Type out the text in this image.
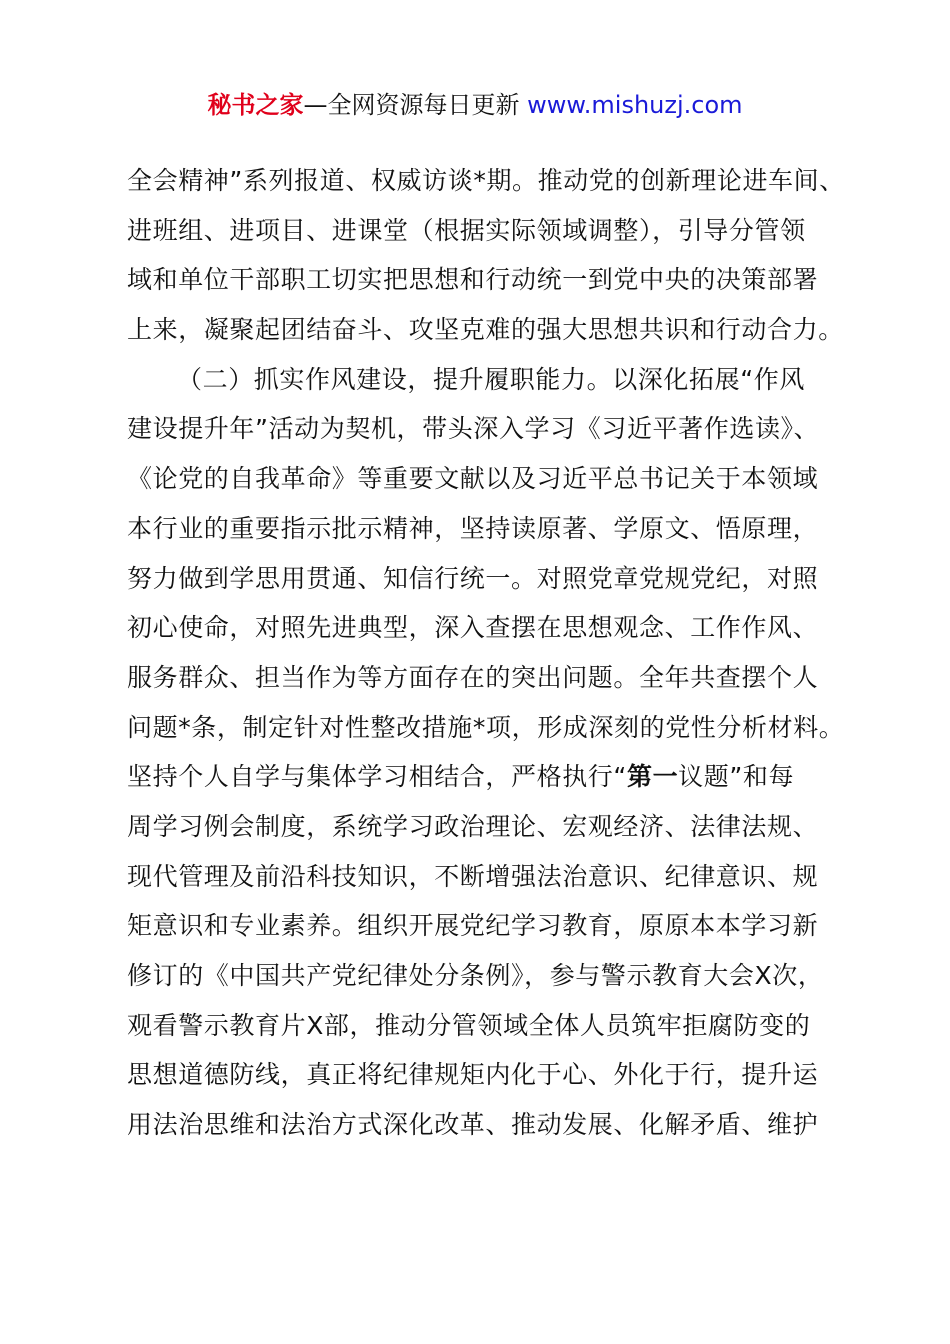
秘书之家—全网资源每日更新 www.mishuzj.com
全会精神”系列报道、权威访谈*期。推动党的创新理论进车间、
进班组、进项目、进课堂（根据实际领域调整），引导分管领
域和单位干部职工切实把思想和行动统一到党中央的决策部署
上来，凝聚起团结奋斗、攻坚克难的强大思想共识和行动合力。
（二）抓实作风建设，提升履职能力。以深化拓展“作风
建设提升年”活动为契机，带头深入学习《习近平著作选读》、
《论党的自我革命》等重要文献以及习近平总书记关于本领域
本行业的重要指示批示精神，坚持读原著、学原文、悟原理，
努力做到学思用贯通、知信行统一。对照党章党规党纪，对照
初心使命，对照先进典型，深入查摆在思想观念、工作作风、
服务群众、担当作为等方面存在的突出问题。全年共查摆个人
问题*条，制定针对性整改措施*项，形成深刻的党性分析材料。
坚持个人自学与集体学习相结合，严格执行“第一议题”和每
周学习例会制度，系统学习政治理论、宏观经济、法律法规、
现代管理及前沿科技知识，不断增强法治意识、纪律意识、规
矩意识和专业素养。组织开展党纪学习教育，原原本本学习新
修订的《中国共产党纪律处分条例》，参与警示教育大会X次，
观看警示教育片X部，推动分管领域全体人员筑牢拒腐防变的
思想道德防线，真正将纪律规矩内化于心、外化于行，提升运
用法治思维和法治方式深化改革、推动发展、化解矛盾、维护
